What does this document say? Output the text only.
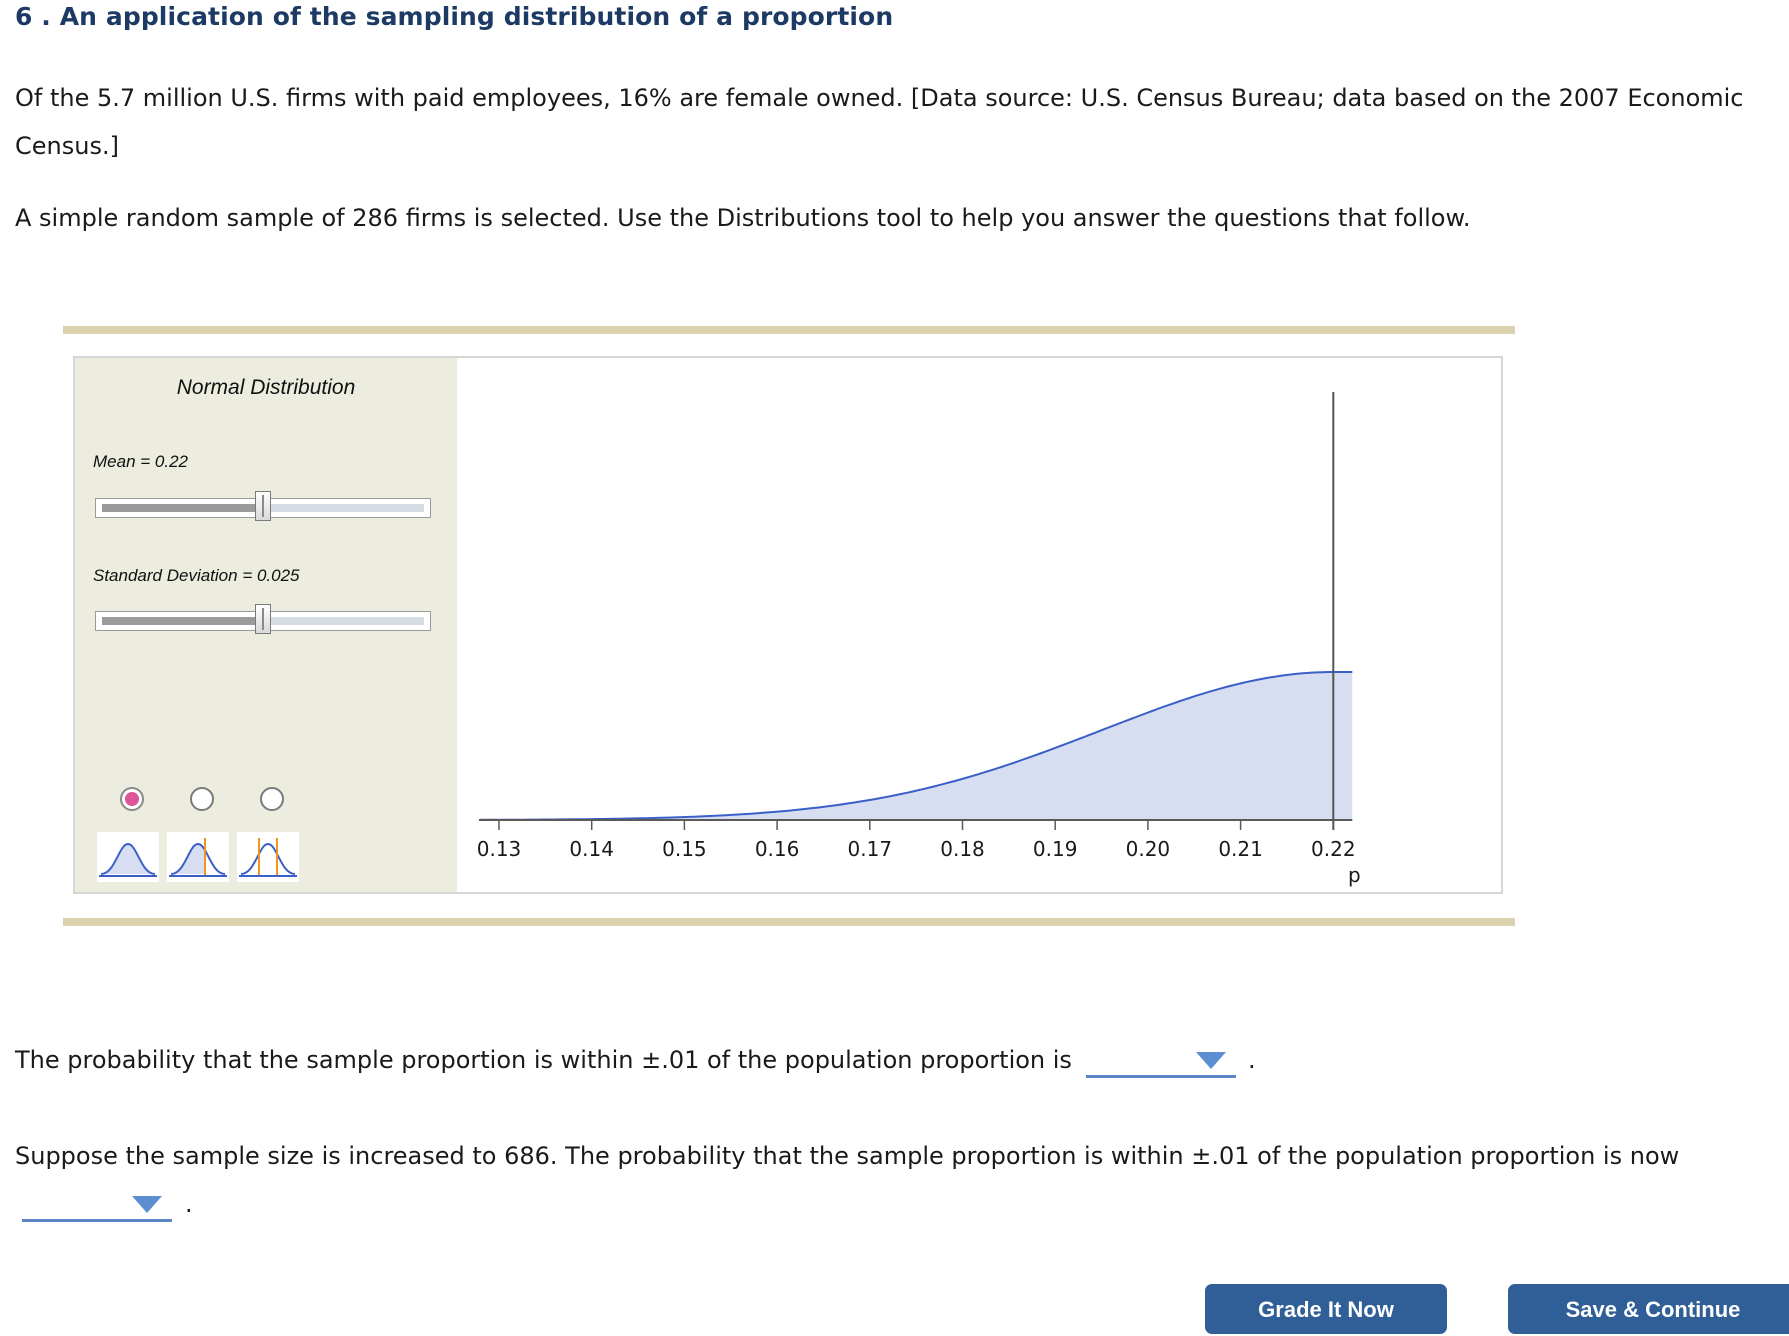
6 . An application of the sampling distribution of a proportion

Of the 5.7 million U.S. firms with paid employees, 16% are female owned. [Data source: U.S. Census Bureau; data based on the 2007 Economic Census.]

A simple random sample of 286 firms is selected. Use the Distributions tool to help you answer the questions that follow.

Normal Distribution
Mean = 0.22
Standard Deviation = 0.025
0.13 0.14 0.15 0.16 0.17 0.18 0.19 0.20 0.21 0.22
p

The probability that the sample proportion is within ±.01 of the population proportion is	.

Suppose the sample size is increased to 686. The probability that the sample proportion is within ±.01 of the population proportion is now

.
Grade It Now	Save & Continue
